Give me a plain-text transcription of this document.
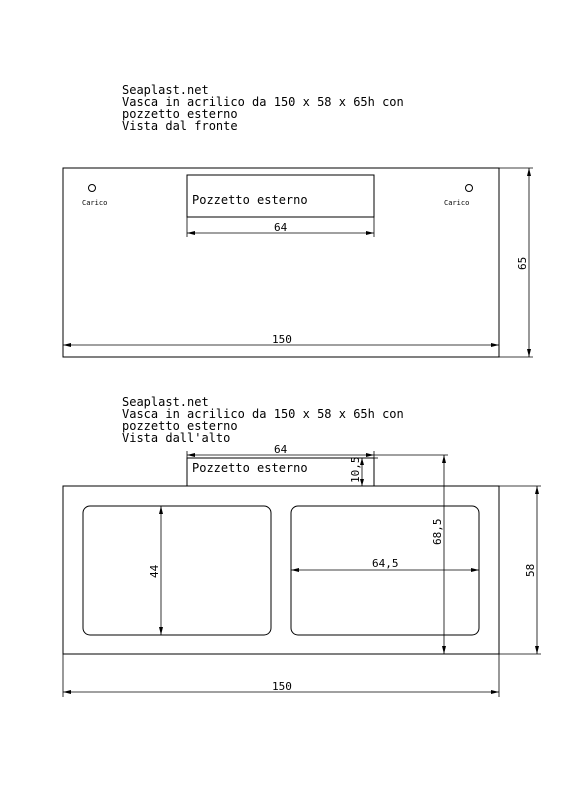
Seaplast.net
Vasca in acrilico da 150 x 58 x 65h con
pozzetto esterno
Vista dal fronte
Pozzetto esterno
Carico	Carico
64
150
65
Seaplast.net
Vasca in acrilico da 150 x 58 x 65h con
pozzetto esterno
Vista dall'alto
Pozzetto esterno
64
10,5
68,5
44
64,5
58
150
